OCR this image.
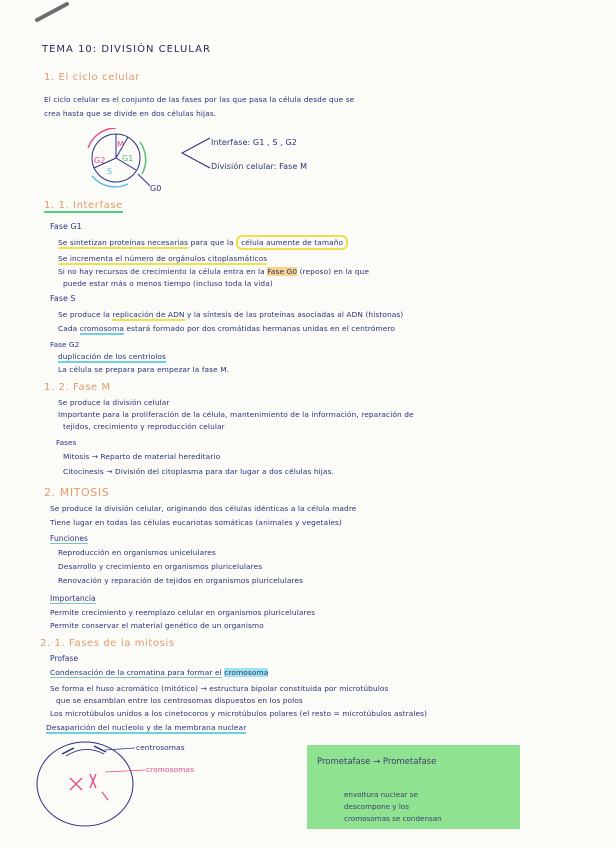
TEMA 10: DIVISIÓN CELULAR
1. El ciclo celular
El ciclo celular es el conjunto de las fases por las que pasa la célula desde que se
crea hasta que se divide en dos células hijas.
M
G1
G2
S
G0
Interfase: G1 , S , G2
División celular: Fase M
1. 1. Interfase
Fase G1
Se sintetizan proteínas necesarias para que la célula aumente de tamaño
Se incrementa el número de orgánulos citoplasmáticos
Si no hay recursos de crecimiento la célula entra en la Fase G0 (reposo) en la que
puede estar más o menos tiempo (incluso toda la vida)
Fase S
Se produce la replicación de ADN y la síntesis de las proteínas asociadas al ADN (histonas)
Cada cromosoma estará formado por dos cromátidas hermanas unidas en el centrómero
Fase G2
duplicación de los centriolos
La célula se prepara para empezar la fase M.
1. 2. Fase M
Se produce la división celular
Importante para la proliferación de la célula, mantenimiento de la información, reparación de
tejidos, crecimiento y reproducción celular
Fases
Mitosis → Reparto de material hereditario
Citocinesis → División del citoplasma para dar lugar a dos células hijas.
2. MITOSIS
Se produce la división celular, originando dos células idénticas a la célula madre
Tiene lugar en todas las células eucariotas somáticas (animales y vegetales)
Funciones
Reproducción en organismos unicelulares
Desarrollo y crecimiento en organismos pluricelulares
Renovación y reparación de tejidos en organismos pluricelulares
Importancia
Permite crecimiento y reemplazo celular en organismos pluricelulares
Permite conservar el material genético de un organismo
2. 1. Fases de la mitosis
Profase
Condensación de la cromatina para formar el cromosoma
Se forma el huso acromático (mitótico) → estructura bipolar constituida por microtúbulos
que se ensamblan entre los centrosomas dispuestos en los polos
Los microtúbulos unidos a los cinetocoros y microtúbulos polares (el resto = microtúbulos astrales)
Desaparición del nucleolo y de la membrana nuclear
centrosomas
cromosomas
Prometafase → Prometafase
envoltura nuclear se
descompone y los
cromosomas se condensan
